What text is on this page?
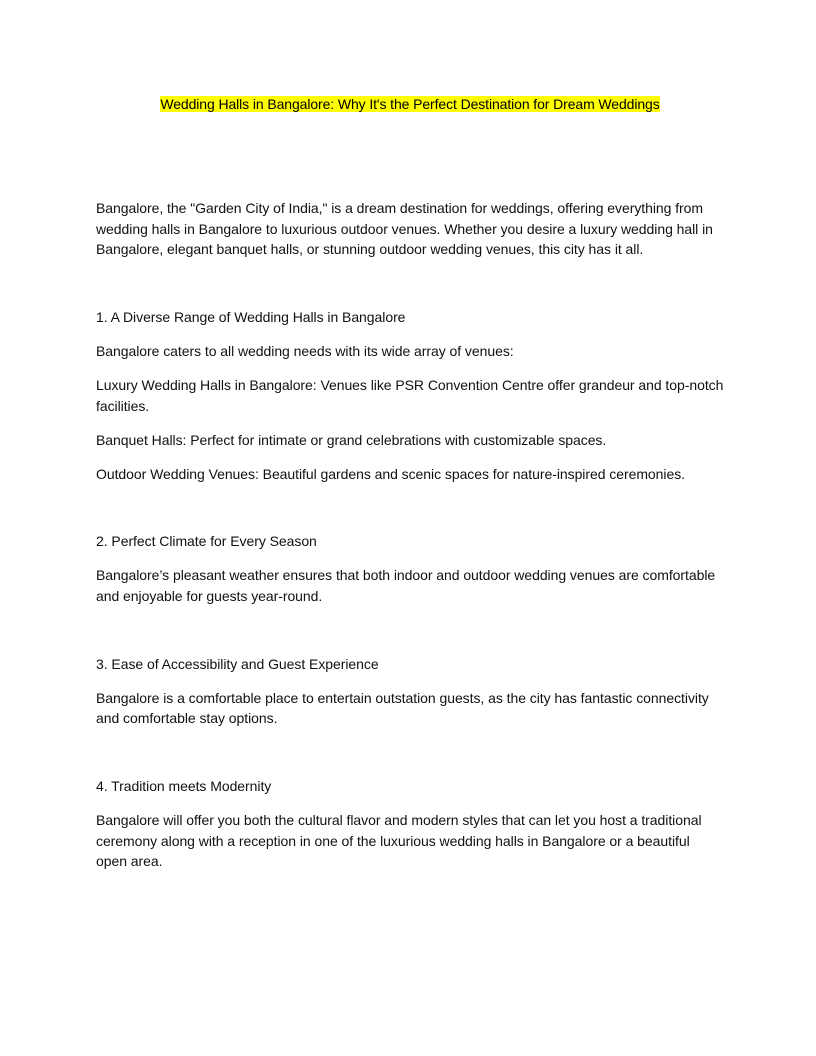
Wedding Halls in Bangalore: Why It's the Perfect Destination for Dream Weddings

Bangalore, the "Garden City of India," is a dream destination for weddings, offering everything from wedding halls in Bangalore to luxurious outdoor venues. Whether you desire a luxury wedding hall in Bangalore, elegant banquet halls, or stunning outdoor wedding venues, this city has it all.

1. A Diverse Range of Wedding Halls in Bangalore

Bangalore caters to all wedding needs with its wide array of venues:

Luxury Wedding Halls in Bangalore: Venues like PSR Convention Centre offer grandeur and top-notch facilities.

Banquet Halls: Perfect for intimate or grand celebrations with customizable spaces.

Outdoor Wedding Venues: Beautiful gardens and scenic spaces for nature-inspired ceremonies.

2. Perfect Climate for Every Season

Bangalore’s pleasant weather ensures that both indoor and outdoor wedding venues are comfortable and enjoyable for guests year-round.

3. Ease of Accessibility and Guest Experience

Bangalore is a comfortable place to entertain outstation guests, as the city has fantastic connectivity and comfortable stay options.

4. Tradition meets Modernity

Bangalore will offer you both the cultural flavor and modern styles that can let you host a traditional ceremony along with a reception in one of the luxurious wedding halls in Bangalore or a beautiful open area.
